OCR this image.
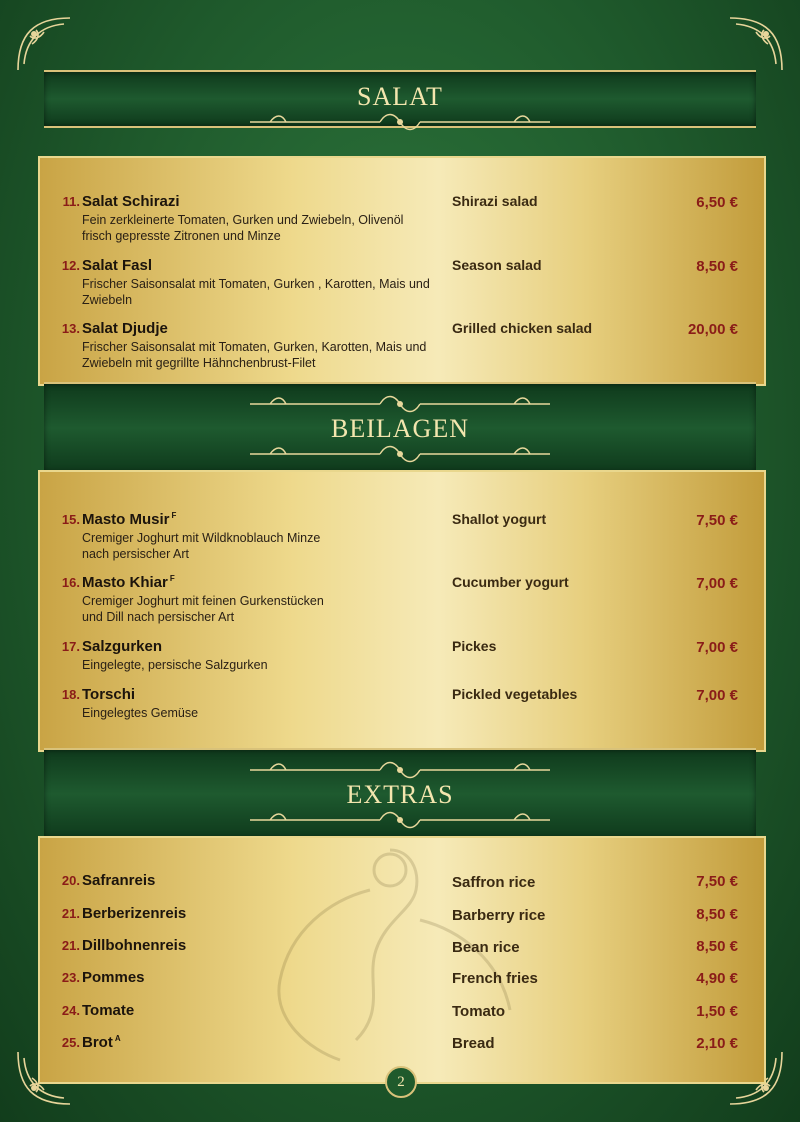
SALAT
BEILAGEN
EXTRAS
11. Salat Schirazi
Fein zerkleinerte Tomaten, Gurken und Zwiebeln, Olivenöl frisch gepresste Zitronen und Minze
Shirazi salad	6,50 €
12. Salat Fasl
Frischer Saisonsalat mit Tomaten, Gurken , Karotten, Mais und Zwiebeln
Season salad	8,50 €
13. Salat Djudje
Frischer Saisonsalat mit Tomaten, Gurken, Karotten, Mais und Zwiebeln mit gegrillte Hähnchenbrust-Filet
Grilled chicken salad	20,00 €
15. Masto Musir $^F$
Cremiger Joghurt mit Wildknoblauch Minze nach persischer Art
Shallot yogurt	7,50 €
16. Masto Khiar $^F$
Cremiger Joghurt mit feinen Gurkenstücken und Dill nach persischer Art
Cucumber yogurt	7,00 €
17. Salzgurken
Eingelegte, persische Salzgurken
Pickes	7,00 €
18. Torschi
Eingelegtes Gemüse
Pickled vegetables	7,00 €
20. Safranreis	Saffron rice	7,50 €
21. Berberizenreis	Barberry rice	8,50 €
21. Dillbohnenreis	Bean rice	8,50 €
23. Pommes	French fries	4,90 €
24. Tomate	Tomato	1,50 €
25. Brot $^A$	Bread	2,10 €
2
